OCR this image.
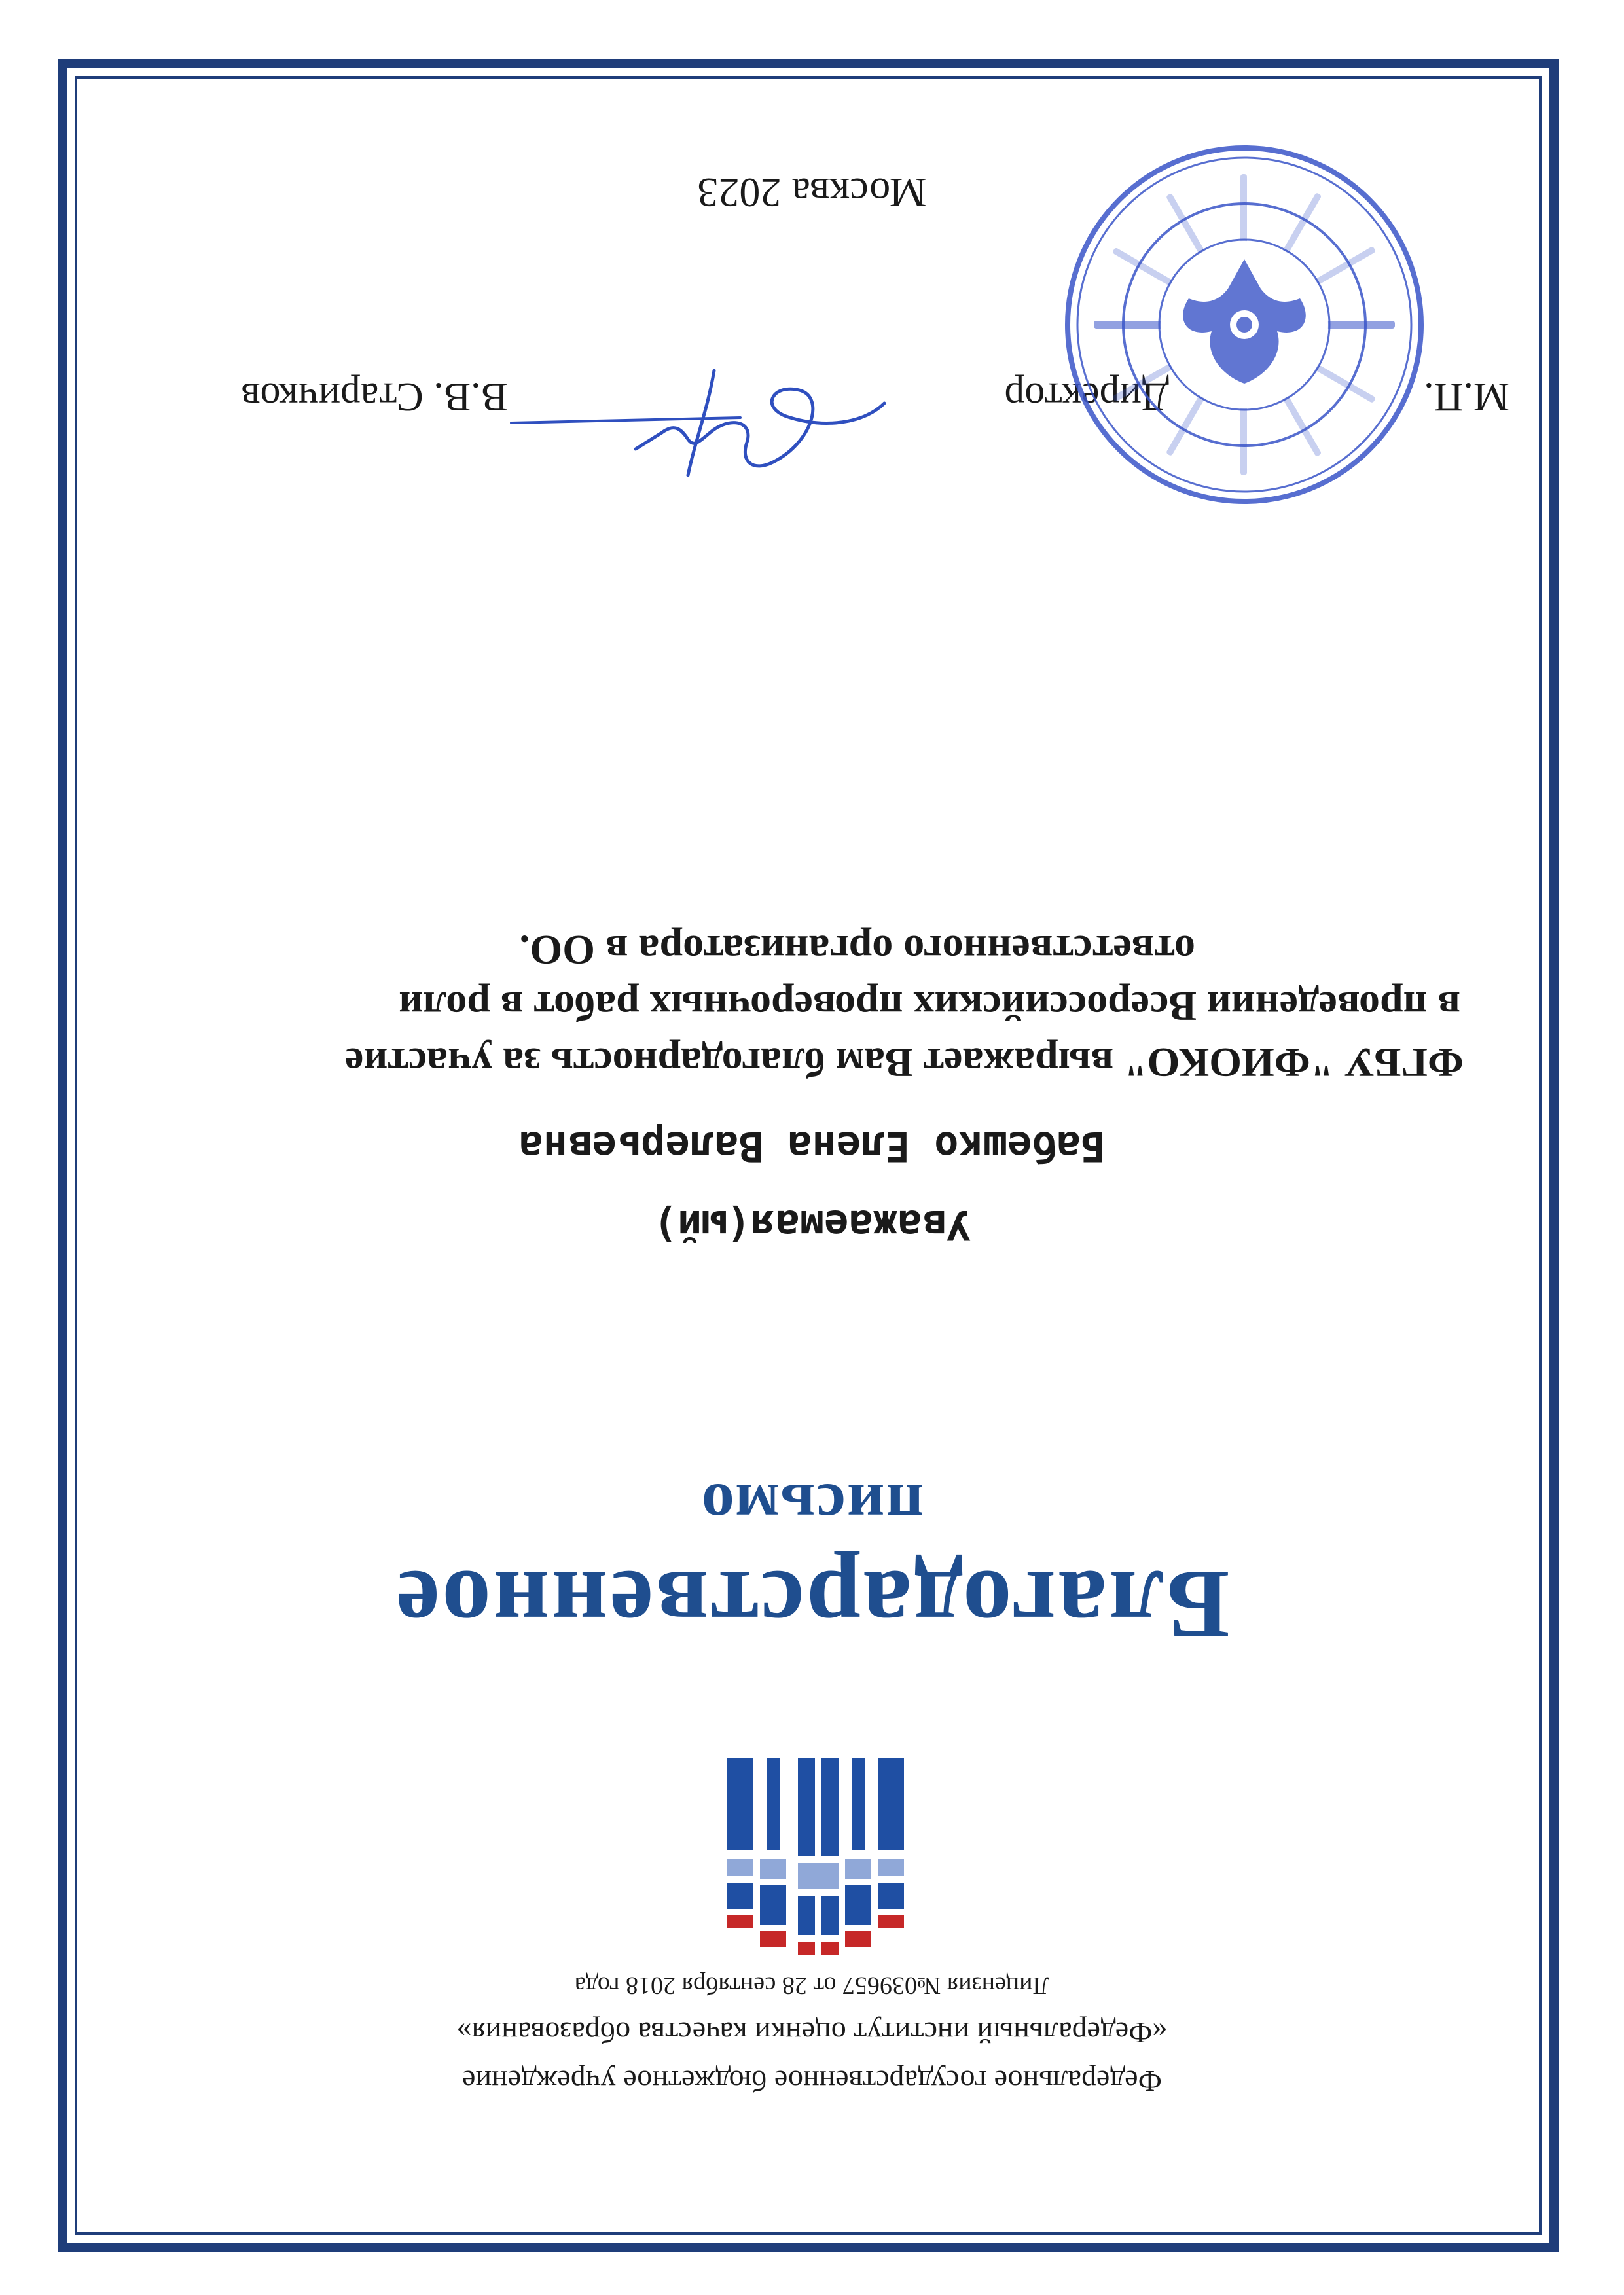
Федеральное государственное бюджетное учреждение
«Федеральный институт оценки качества образования»
Лицензия №039657 от 28 сентября 2018 года
Благодарственное
письмо
Уважаемая(ый)
Бабешко Елена Валерьевна
ФГБУ "ФИОКО" выражает Вам благодарность за участие
в проведении Всероссийских проверочных работ в роли
ответственного организатора в ОО.
М.П.
Директор
В.В. Старичков
Москва 2023
